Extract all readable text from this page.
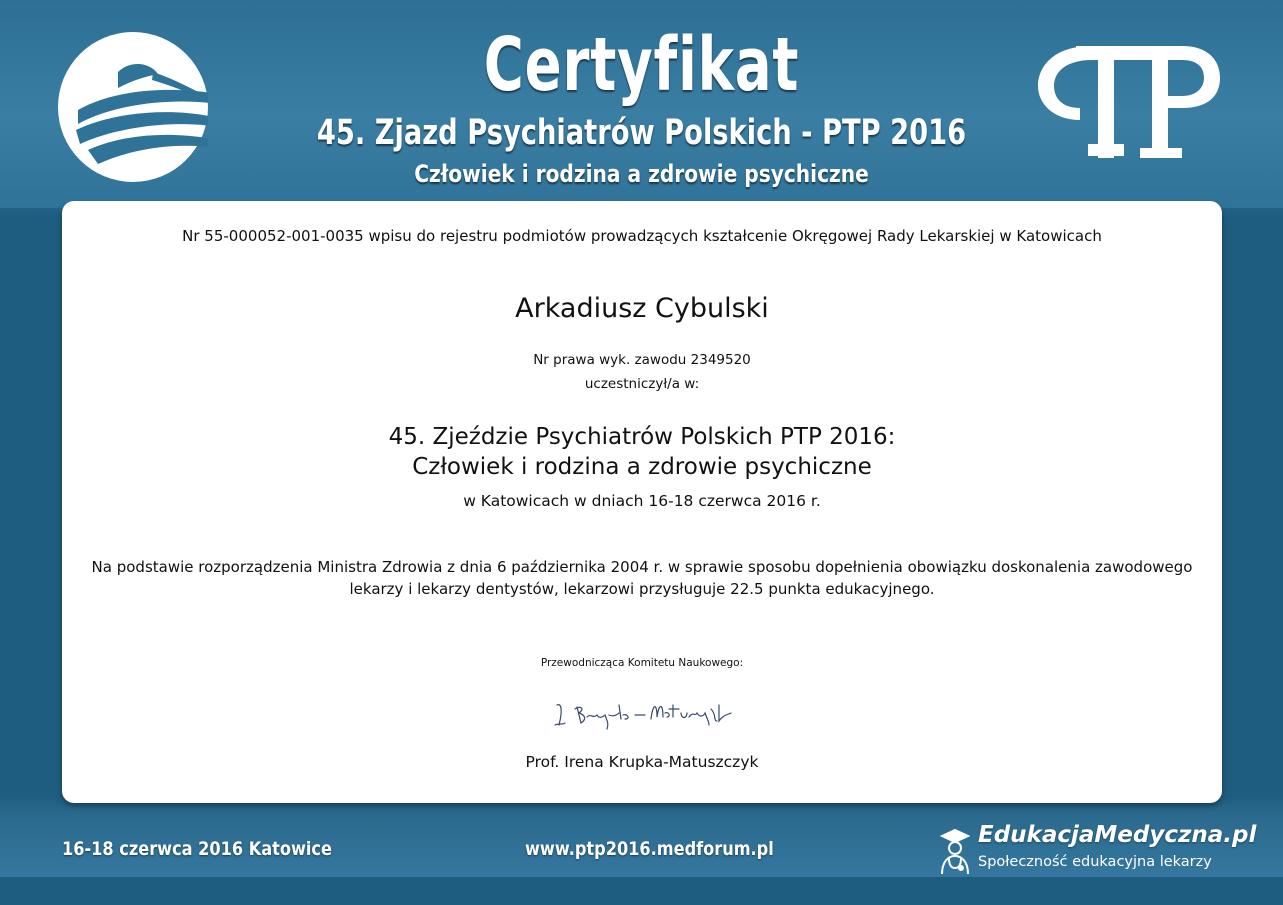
Certyfikat
45. Zjazd Psychiatrów Polskich - PTP 2016
Człowiek i rodzina a zdrowie psychiczne
Nr 55-000052-001-0035 wpisu do rejestru podmiotów prowadzących kształcenie Okręgowej Rady Lekarskiej w Katowicach
Arkadiusz Cybulski
Nr prawa wyk. zawodu 2349520
uczestniczył/a w:
45. Zjeździe Psychiatrów Polskich PTP 2016:
Człowiek i rodzina a zdrowie psychiczne
w Katowicach w dniach 16-18 czerwca 2016 r.
Na podstawie rozporządzenia Ministra Zdrowia z dnia 6 października 2004 r. w sprawie sposobu dopełnienia obowiązku doskonalenia zawodowego
lekarzy i lekarzy dentystów, lekarzowi przysługuje 22.5 punkta edukacyjnego.
Przewodnicząca Komitetu Naukowego:
Prof. Irena Krupka-Matuszczyk
16-18 czerwca 2016 Katowice	www.ptp2016.medforum.pl
EdukacjaMedyczna.pl
Społeczność edukacyjna lekarzy
